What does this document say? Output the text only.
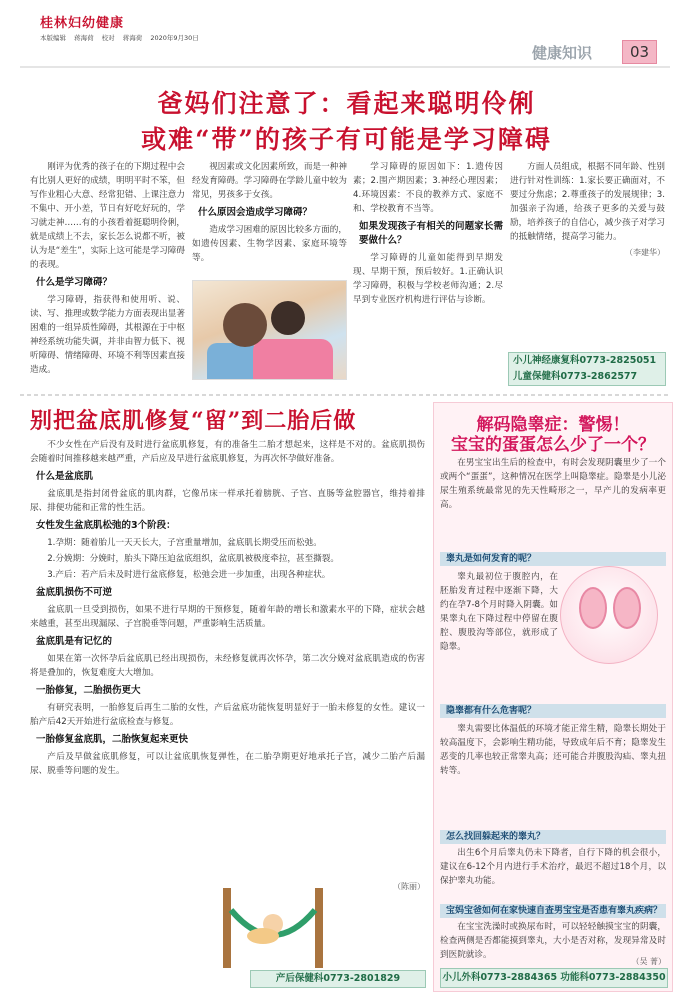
桂林妇幼健康
本版编辑 蒋海荷 校对 蒋海荷 2020年9月30日
健康知识	03
爸妈们注意了：看起来聪明伶俐
或难“带”的孩子有可能是学习障碍

刚评为优秀的孩子在的下期过程中会有比别人更好的成绩，明明平时不笨，但写作业粗心大意、经常犯错、上课注意力不集中、开小差，节日有好吃好玩的，学习就走神……有的小孩看着挺聪明伶俐，就是成绩上不去，家长怎么说都不听，被认为是“差生”，实际上这可能是学习障碍的表现。

什么是学习障碍？

学习障碍，指获得和使用听、说、读、写、推理或数学能力方面表现出显著困难的一组异质性障碍，其根源在于中枢神经系统功能失调，并非由智力低下、视听障碍、情绪障碍、环境不利等因素直接造成。

视因素或文化因素所致，而是一种神经发育障碍。学习障碍在学龄儿童中较为常见，男孩多于女孩。

什么原因会造成学习障碍？

造成学习困难的原因比较多方面的，如遗传因素、生物学因素、家庭环境等等。

学习障碍的原因如下：1.遗传因素；2.围产期因素；3.神经心理因素；4.环境因素：不良的教养方式、家庭不和、学校教育不当等。

如果发现孩子有相关的问题家长需要做什么？

学习障碍的儿童如能得到早期发现、早期干预，预后较好。1.正确认识学习障碍，积极与学校老师沟通；2.尽早到专业医疗机构进行评估与诊断。

方面人员组成，根据不同年龄、性别进行针对性训练：1.家长要正确面对，不要过分焦虑；2.尊重孩子的发展规律；3.加强亲子沟通，给孩子更多的关爱与鼓励，培养孩子的自信心，减少孩子对学习的抵触情绪，提高学习能力。

（李建华）
小儿神经康复科0773-2825051
儿童保健科0773-2862577
别把盆底肌修复“留”到二胎后做

不少女性在产后没有及时进行盆底肌修复，有的准备生二胎才想起来，这样是不对的。盆底肌损伤会随着时间推移越来越严重，产后应及早进行盆底肌修复，为再次怀孕做好准备。

什么是盆底肌

盆底肌是指封闭骨盆底的肌肉群，它像吊床一样承托着膀胱、子宫、直肠等盆腔器官，维持着排尿、排便功能和正常的性生活。

女性发生盆底肌松弛的3个阶段：

1.孕期：随着胎儿一天天长大，子宫重量增加，盆底肌长期受压而松弛。

2.分娩期：分娩时，胎头下降压迫盆底组织，盆底肌被极度牵拉，甚至撕裂。

3.产后：若产后未及时进行盆底修复，松弛会进一步加重，出现各种症状。

盆底肌损伤不可逆

盆底肌一旦受到损伤，如果不进行早期的干预修复，随着年龄的增长和激素水平的下降，症状会越来越重，甚至出现漏尿、子宫脱垂等问题，严重影响生活质量。

盆底肌是有记忆的

如果在第一次怀孕后盆底肌已经出现损伤，未经修复就再次怀孕，第二次分娩对盆底肌造成的伤害将是叠加的，恢复难度大大增加。

一胎修复，二胎损伤更大

有研究表明，一胎修复后再生二胎的女性，产后盆底功能恢复明显好于一胎未修复的女性。建议一胎产后42天开始进行盆底检查与修复。

一胎修复盆底肌，二胎恢复起来更快

产后及早做盆底肌修复，可以让盆底肌恢复弹性，在二胎孕期更好地承托子宫，减少二胎产后漏尿、脱垂等问题的发生。

（陈丽）
产后保健科0773-2801829
解码隐睾症：警惕！
宝宝的蛋蛋怎么少了一个？

在男宝宝出生后的检查中，有时会发现阴囊里少了一个或两个“蛋蛋”，这种情况在医学上叫隐睾症。隐睾是小儿泌尿生殖系统最常见的先天性畸形之一，早产儿的发病率更高。

睾丸是如何发育的呢？

睾丸最初位于腹腔内，在胚胎发育过程中逐渐下降，大约在孕7-8个月时降入阴囊。如果睾丸在下降过程中停留在腹腔、腹股沟等部位，就形成了隐睾。

隐睾都有什么危害呢？

睾丸需要比体温低的环境才能正常生精，隐睾长期处于较高温度下，会影响生精功能，导致成年后不育；隐睾发生恶变的几率也较正常睾丸高；还可能合并腹股沟疝、睾丸扭转等。

怎么找回躲起来的睾丸？

出生6个月后睾丸仍未下降者，自行下降的机会很小，建议在6-12个月内进行手术治疗，最迟不超过18个月，以保护睾丸功能。

宝妈宝爸如何在家快速自查男宝宝是否患有睾丸疾病？

在宝宝洗澡时或换尿布时，可以轻轻触摸宝宝的阴囊，检查两侧是否都能摸到睾丸，大小是否对称，发现异常及时到医院就诊。

（吴 菁）
小儿外科0773-2884365 功能科0773-2884350
